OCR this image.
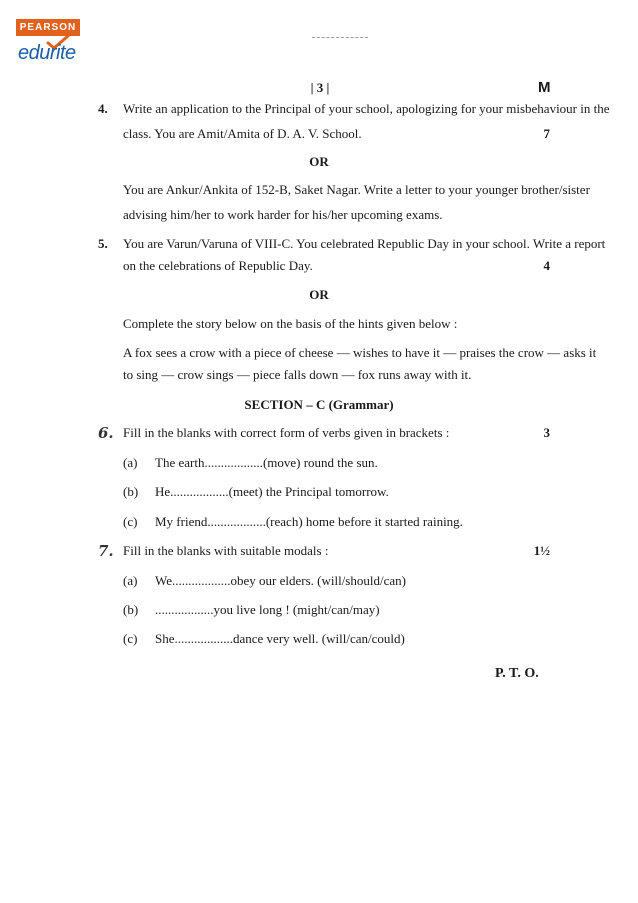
PEARSON
edurite
| 3 |	M
4. Write an application to the Principal of your school, apologizing for your misbehaviour in the
class. You are Amit/Amita of D. A. V. School.	7
OR
You are Ankur/Ankita of 152-B, Saket Nagar. Write a letter to your younger brother/sister
advising him/her to work harder for his/her upcoming exams.
5. You are Varun/Varuna of VIII-C. You celebrated Republic Day in your school. Write a report
on the celebrations of Republic Day.	4
OR
Complete the story below on the basis of the hints given below :
A fox sees a crow with a piece of cheese — wishes to have it — praises the crow — asks it
to sing — crow sings — piece falls down — fox runs away with it.
SECTION – C (Grammar)
6. Fill in the blanks with correct form of verbs given in brackets :	3
(a) The earth..................(move) round the sun.
(b) He..................(meet) the Principal tomorrow.
(c) My friend..................(reach) home before it started raining.
7. Fill in the blanks with suitable modals :	1½
(a) We..................obey our elders. (will/should/can)
(b) ..................you live long ! (might/can/may)
(c) She..................dance very well. (will/can/could)
P. T. O.
